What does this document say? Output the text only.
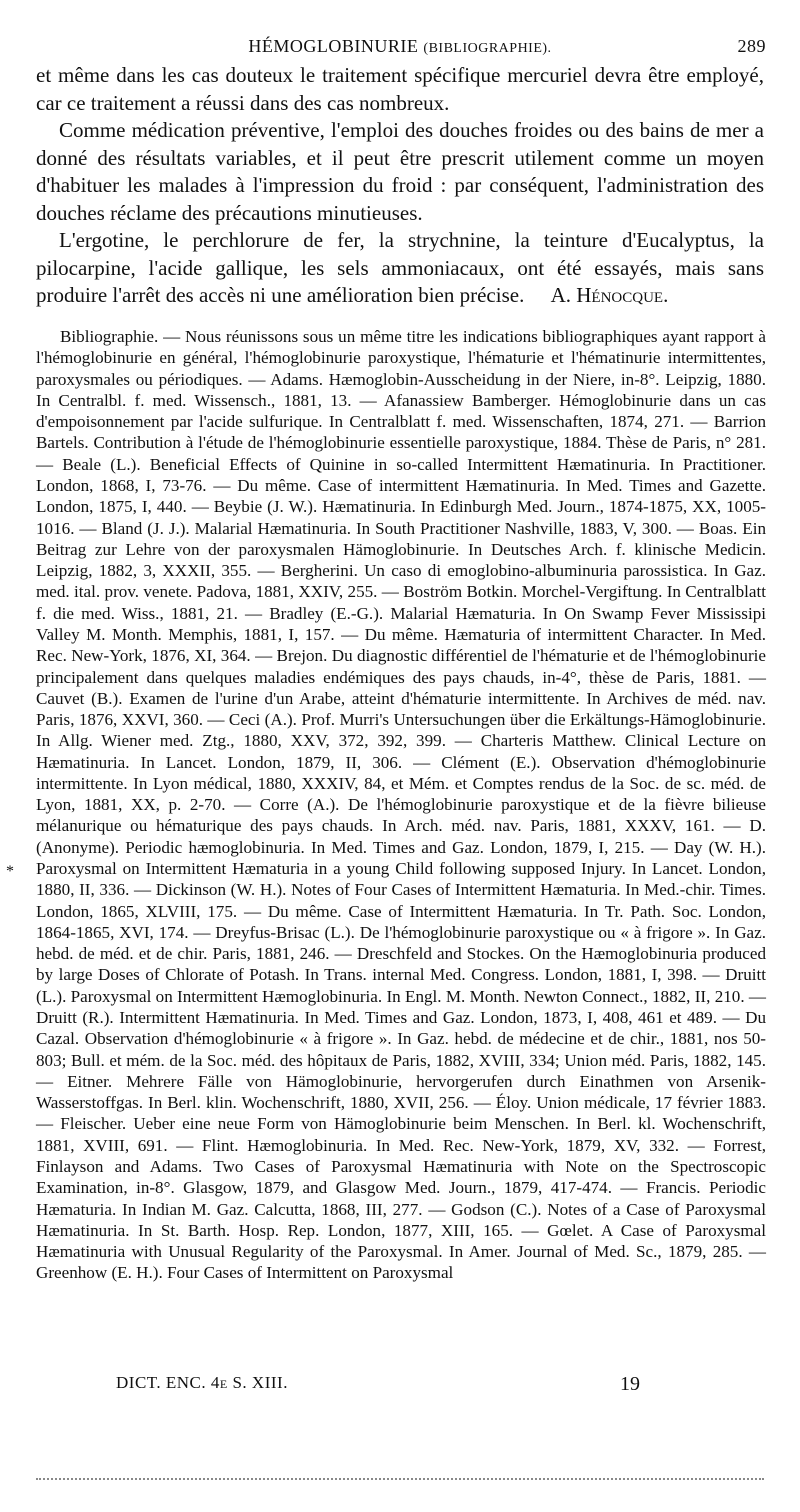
HÉMOGLOBINURIE (BIBLIOGRAPHIE).	289

et même dans les cas douteux le traitement spécifique mercuriel devra être employé, car ce traitement a réussi dans des cas nombreux.

Comme médication préventive, l'emploi des douches froides ou des bains de mer a donné des résultats variables, et il peut être prescrit utilement comme un moyen d'habituer les malades à l'impression du froid : par conséquent, l'administration des douches réclame des précautions minutieuses.

L'ergotine, le perchlorure de fer, la strychnine, la teinture d'Eucalyptus, la pilocarpine, l'acide gallique, les sels ammoniacaux, ont été essayés, mais sans produire l'arrêt des accès ni une amélioration bien précise. A. Hénocque.

Bibliographie. — Nous réunissons sous un même titre les indications bibliographiques ayant rapport à l'hémoglobinurie en général, l'hémoglobinurie paroxystique, l'hématurie et l'hématinurie intermittentes, paroxysmales ou périodiques. — Adams. Hæmoglobin-Ausscheidung in der Niere, in-8°. Leipzig, 1880. In Centralbl. f. med. Wissensch., 1881, 13. — Afanassiew Bamberger. Hémoglobinurie dans un cas d'empoisonnement par l'acide sulfurique. In Centralblatt f. med. Wissenschaften, 1874, 271. — Barrion Bartels. Contribution à l'étude de l'hémoglobinurie essentielle paroxystique, 1884. Thèse de Paris, n° 281. — Beale (L.). Beneficial Effects of Quinine in so-called Intermittent Hæmatinuria. In Practitioner. London, 1868, I, 73-76. — Du même. Case of intermittent Hæmatinuria. In Med. Times and Gazette. London, 1875, I, 440. — Beybie (J. W.). Hæmatinuria. In Edinburgh Med. Journ., 1874-1875, XX, 1005-1016. — Bland (J. J.). Malarial Hæmatinuria. In South Practitioner Nashville, 1883, V, 300. — Boas. Ein Beitrag zur Lehre von der paroxysmalen Hämoglobinurie. In Deutsches Arch. f. klinische Medicin. Leipzig, 1882, 3, XXXII, 355. — Bergherini. Un caso di emoglobino-albuminuria parossistica. In Gaz. med. ital. prov. venete. Padova, 1881, XXIV, 255. — Boström Botkin. Morchel-Vergiftung. In Centralblatt f. die med. Wiss., 1881, 21. — Bradley (E.-G.). Malarial Hæmaturia. In On Swamp Fever Mississipi Valley M. Month. Memphis, 1881, I, 157. — Du même. Hæmaturia of intermittent Character. In Med. Rec. New-York, 1876, XI, 364. — Brejon. Du diagnostic différentiel de l'hématurie et de l'hémoglobinurie principalement dans quelques maladies endémiques des pays chauds, in-4°, thèse de Paris, 1881. — Cauvet (B.). Examen de l'urine d'un Arabe, atteint d'hématurie intermittente. In Archives de méd. nav. Paris, 1876, XXVI, 360. — Ceci (A.). Prof. Murri's Untersuchungen über die Erkältungs-Hämoglobinurie. In Allg. Wiener med. Ztg., 1880, XXV, 372, 392, 399. — Charteris Matthew. Clinical Lecture on Hæmatinuria. In Lancet. London, 1879, II, 306. — Clément (E.). Observation d'hémoglobinurie intermittente. In Lyon médical, 1880, XXXIV, 84, et Mém. et Comptes rendus de la Soc. de sc. méd. de Lyon, 1881, XX, p. 2-70. — Corre (A.). De l'hémoglobinurie paroxystique et de la fièvre bilieuse mélanurique ou hématurique des pays chauds. In Arch. méd. nav. Paris, 1881, XXXV, 161. — D. (Anonyme). Periodic hæmoglobinuria. In Med. Times and Gaz. London, 1879, I, 215. — Day (W. H.). Paroxysmal on Intermittent Hæmaturia in a young Child following supposed Injury. In Lancet. London, 1880, II, 336. — Dickinson (W. H.). Notes of Four Cases of Intermittent Hæmaturia. In Med.-chir. Times. London, 1865, XLVIII, 175. — Du même. Case of Intermittent Hæmaturia. In Tr. Path. Soc. London, 1864-1865, XVI, 174. — Dreyfus-Brisac (L.). De l'hémoglobinurie paroxystique ou « à frigore ». In Gaz. hebd. de méd. et de chir. Paris, 1881, 246. — Dreschfeld and Stockes. On the Hæmoglobinuria produced by large Doses of Chlorate of Potash. In Trans. internal Med. Congress. London, 1881, I, 398. — Druitt (L.). Paroxysmal on Intermittent Hæmoglobinuria. In Engl. M. Month. Newton Connect., 1882, II, 210. — Druitt (R.). Intermittent Hæmatinuria. In Med. Times and Gaz. London, 1873, I, 408, 461 et 489. — Du Cazal. Observation d'hémoglobinurie « à frigore ». In Gaz. hebd. de médecine et de chir., 1881, nos 50-803; Bull. et mém. de la Soc. méd. des hôpitaux de Paris, 1882, XVIII, 334; Union méd. Paris, 1882, 145. — Eitner. Mehrere Fälle von Hämoglobinurie, hervorgerufen durch Einathmen von Arsenik-Wasserstoffgas. In Berl. klin. Wochenschrift, 1880, XVII, 256. — Éloy. Union médicale, 17 février 1883. — Fleischer. Ueber eine neue Form von Hämoglobinurie beim Menschen. In Berl. kl. Wochenschrift, 1881, XVIII, 691. — Flint. Hæmoglobinuria. In Med. Rec. New-York, 1879, XV, 332. — Forrest, Finlayson and Adams. Two Cases of Paroxysmal Hæmatinuria with Note on the Spectroscopic Examination, in-8°. Glasgow, 1879, and Glasgow Med. Journ., 1879, 417-474. — Francis. Periodic Hæmaturia. In Indian M. Gaz. Calcutta, 1868, III, 277. — Godson (C.). Notes of a Case of Paroxysmal Hæmatinuria. In St. Barth. Hosp. Rep. London, 1877, XIII, 165. — Gœlet. A Case of Paroxysmal Hæmatinuria with Unusual Regularity of the Paroxysmal. In Amer. Journal of Med. Sc., 1879, 285. — Greenhow (E. H.). Four Cases of Intermittent on Paroxysmal

*
DICT. ENC. 4e S. XIII.	19
